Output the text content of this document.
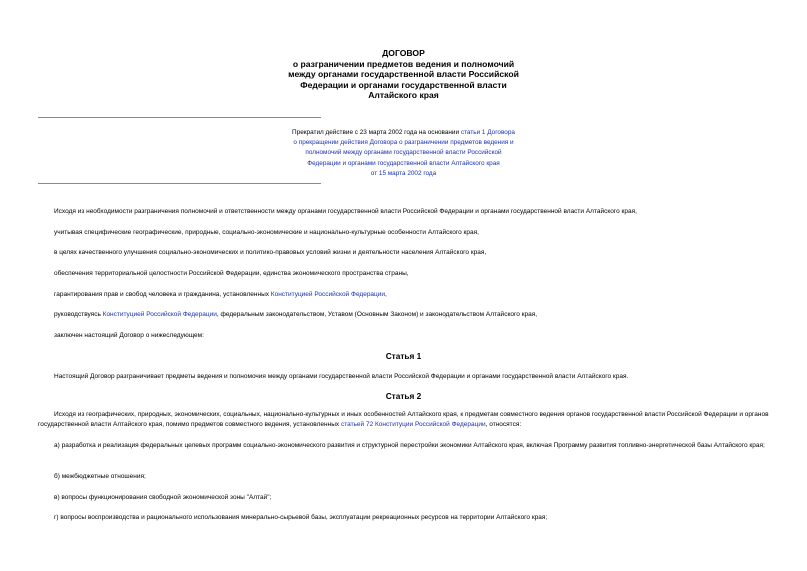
ДОГОВОР
о разграничении предметов ведения и полномочий
между органами государственной власти Российской
Федерации и органами государственной власти
Алтайского края
Прекратил действие с 23 марта 2002 года на основании статьи 1 Договора
о прекращении действия Договора о разграничении предметов ведения и
полномочий между органами государственной власти Российской
Федерации и органами государственной власти Алтайского края
от 15 марта 2002 года
Исходя из необходимости разграничения полномочий и ответственности между органами государственной власти Российской Федерации и органами государственной власти Алтайского края,
учитывая специфические географические, природные, социально-экономические и национально-культурные особенности Алтайского края,
в целях качественного улучшения социально-экономических и политико-правовых условий жизни и деятельности населения Алтайского края,
обеспечения территориальной целостности Российской Федерации, единства экономического пространства страны,
гарантирования прав и свобод человека и гражданина, установленных Конституцией Российской Федерации,
руководствуясь Конституцией Российской Федерации, федеральным законодательством, Уставом (Основным Законом) и законодательством Алтайского края,
заключен настоящий Договор о нижеследующем:
Статья 1
Настоящий Договор разграничивает предметы ведения и полномочия между органами государственной власти Российской Федерации и органами государственной власти Алтайского края.
Статья 2
Исходя из географических, природных, экономических, социальных, национально-культурных и иных особенностей Алтайского края, к предметам совместного ведения органов государственной власти Российской Федерации и органов государственной власти Алтайского края, помимо предметов совместного ведения, установленных статьей 72 Конституции Российской Федерации, относятся:
а) разработка и реализация федеральных целевых программ социально-экономического развития и структурной перестройки экономики Алтайского края, включая Программу развития топливно-энергетической базы Алтайского края;
б) межбюджетные отношения;
в) вопросы функционирования свободной экономической зоны "Алтай";
г) вопросы воспроизводства и рационального использования минерально-сырьевой базы, эксплуатации рекреационных ресурсов на территории Алтайского края;
